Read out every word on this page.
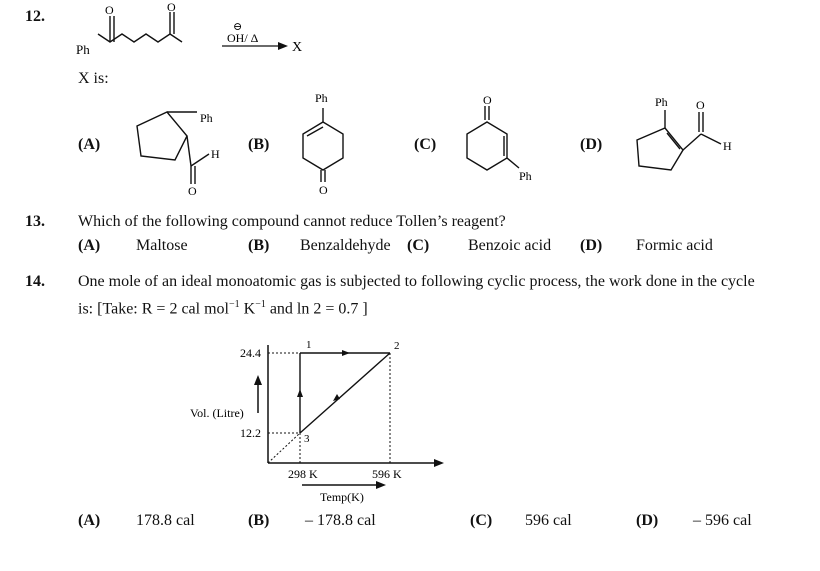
12.	O	O
Ph
⊖
OH/ Δ
X
X is:
(A)
Ph
H
O
(B)
Ph
O
(C)
O
Ph
(D)
Ph O
H
13. Which of the following compound cannot reduce Tollen’s reagent?
(A) Maltose	(B) Benzaldehyde (C) Benzoic acid (D) Formic acid
14. One mole of an ideal monoatomic gas is subjected to following cyclic process, the work done in the cycle
is: [Take: R = 2 cal mol$^{-1}$ $K^{-1}$ and ln 2 = 0.7 ]
24.4
12.2
Vol. (Litre)
298 K	596 K
Temp(K)
1	2
3
(A) 178.8 cal	(B) – 178.8 cal	(C) 596 cal	(D) – 596 cal
